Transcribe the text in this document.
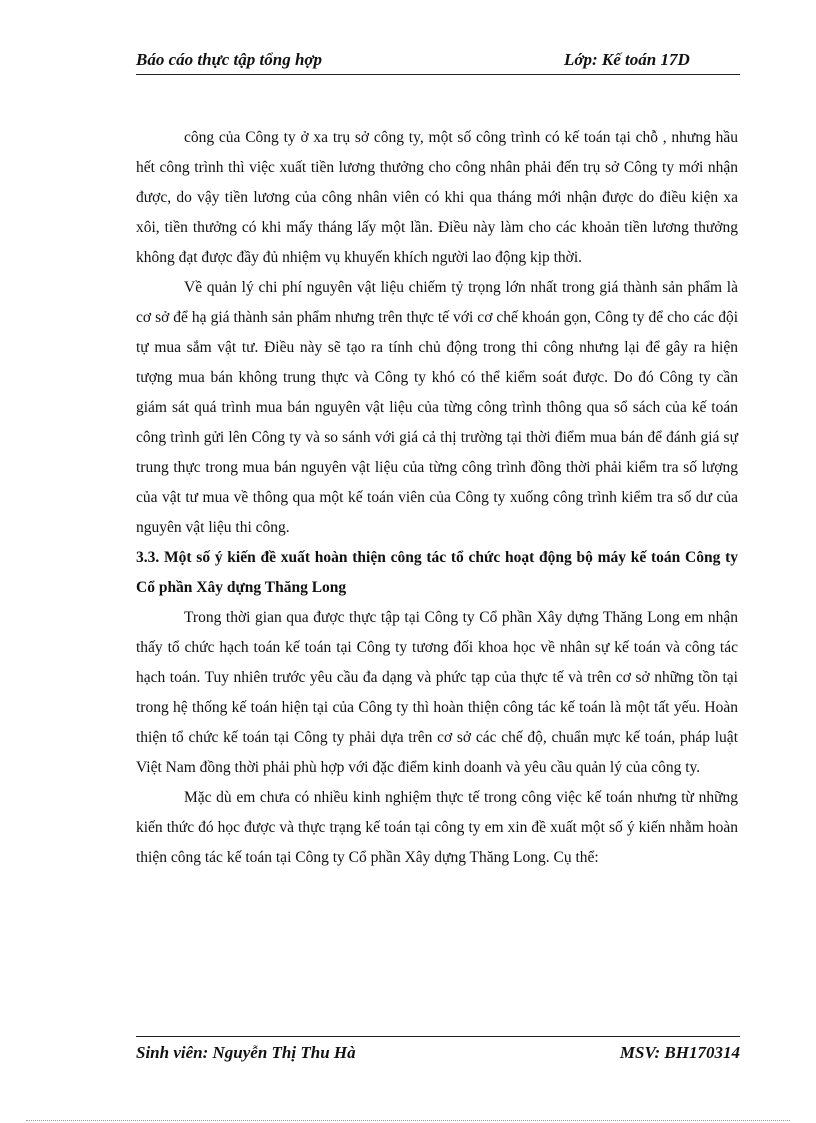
Báo cáo thực tập tổng hợp	Lớp: Kế toán 17D

công của Công ty ở xa trụ sở công ty, một số công trình có kế toán tại chỗ , nhưng hầu hết công trình thì việc xuất tiền lương thưởng cho công nhân phải đến trụ sở Công ty mới nhận được, do vậy tiền lương của công nhân viên có khi qua tháng mới nhận được do điều kiện xa xôi, tiền thưởng có khi mấy tháng lấy một lần. Điều này làm cho các khoản tiền lương thưởng không đạt được đầy đủ nhiệm vụ khuyến khích người lao động kịp thời.

Về quản lý chi phí nguyên vật liệu chiếm tỷ trọng lớn nhất trong giá thành sản phẩm là cơ sở để hạ giá thành sản phẩm nhưng trên thực tế với cơ chế khoán gọn, Công ty để cho các đội tự mua sắm vật tư. Điều này sẽ tạo ra tính chủ động trong thi công nhưng lại để gây ra hiện tượng mua bán không trung thực và Công ty khó có thể kiểm soát được. Do đó Công ty cần giám sát quá trình mua bán nguyên vật liệu của từng công trình thông qua sổ sách của kế toán công trình gửi lên Công ty và so sánh với giá cả thị trường tại thời điểm mua bán để đánh giá sự trung thực trong mua bán nguyên vật liệu của từng công trình đồng thời phải kiểm tra số lượng của vật tư mua về thông qua một kế toán viên của Công ty xuống công trình kiểm tra số dư của nguyên vật liệu thi công.

3.3. Một số ý kiến đề xuất hoàn thiện công tác tổ chức hoạt động bộ máy kế toán Công ty Cổ phần Xây dựng Thăng Long

Trong thời gian qua được thực tập tại Công ty Cổ phần Xây dựng Thăng Long em nhận thấy tổ chức hạch toán kế toán tại Công ty tương đối khoa học về nhân sự kế toán và công tác hạch toán. Tuy nhiên trước yêu cầu đa dạng và phức tạp của thực tế và trên cơ sở những tồn tại trong hệ thống kế toán hiện tại của Công ty thì hoàn thiện công tác kế toán là một tất yếu. Hoàn thiện tổ chức kế toán tại Công ty phải dựa trên cơ sở các chế độ, chuẩn mực kế toán, pháp luật Việt Nam đồng thời phải phù hợp với đặc điểm kinh doanh và yêu cầu quản lý của công ty.

Mặc dù em chưa có nhiều kinh nghiệm thực tế trong công việc kế toán nhưng từ những kiến thức đó học được và thực trạng kế toán tại công ty em xin đề xuất một số ý kiến nhằm hoàn thiện công tác kế toán tại Công ty Cổ phần Xây dựng Thăng Long. Cụ thể:

Sinh viên: Nguyễn Thị Thu Hà	MSV: BH170314
